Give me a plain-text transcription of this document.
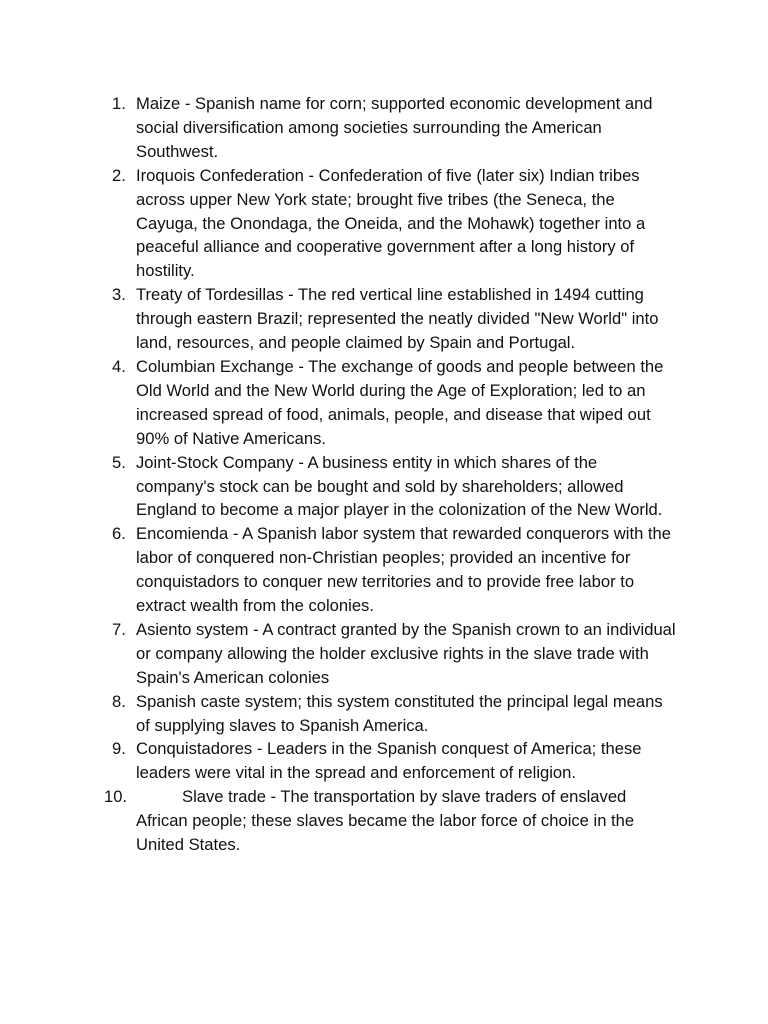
1. Maize - Spanish name for corn; supported economic development and social diversification among societies surrounding the American Southwest.
2. Iroquois Confederation - Confederation of five (later six) Indian tribes across upper New York state; brought five tribes (the Seneca, the Cayuga, the Onondaga, the Oneida, and the Mohawk) together into a peaceful alliance and cooperative government after a long history of hostility.
3. Treaty of Tordesillas - The red vertical line established in 1494 cutting through eastern Brazil; represented the neatly divided "New World" into land, resources, and people claimed by Spain and Portugal.
4. Columbian Exchange - The exchange of goods and people between the Old World and the New World during the Age of Exploration; led to an increased spread of food, animals, people, and disease that wiped out 90% of Native Americans.
5. Joint-Stock Company - A business entity in which shares of the company's stock can be bought and sold by shareholders; allowed England to become a major player in the colonization of the New World.
6. Encomienda - A Spanish labor system that rewarded conquerors with the labor of conquered non-Christian peoples; provided an incentive for conquistadors to conquer new territories and to provide free labor to extract wealth from the colonies.
7. Asiento system - A contract granted by the Spanish crown to an individual or company allowing the holder exclusive rights in the slave trade with Spain's American colonies
8. Spanish caste system; this system constituted the principal legal means of supplying slaves to Spanish America.
9. Conquistadores - Leaders in the Spanish conquest of America; these leaders were vital in the spread and enforcement of religion.
10.	Slave trade - The transportation by slave traders of enslaved African people; these slaves became the labor force of choice in the United States.
